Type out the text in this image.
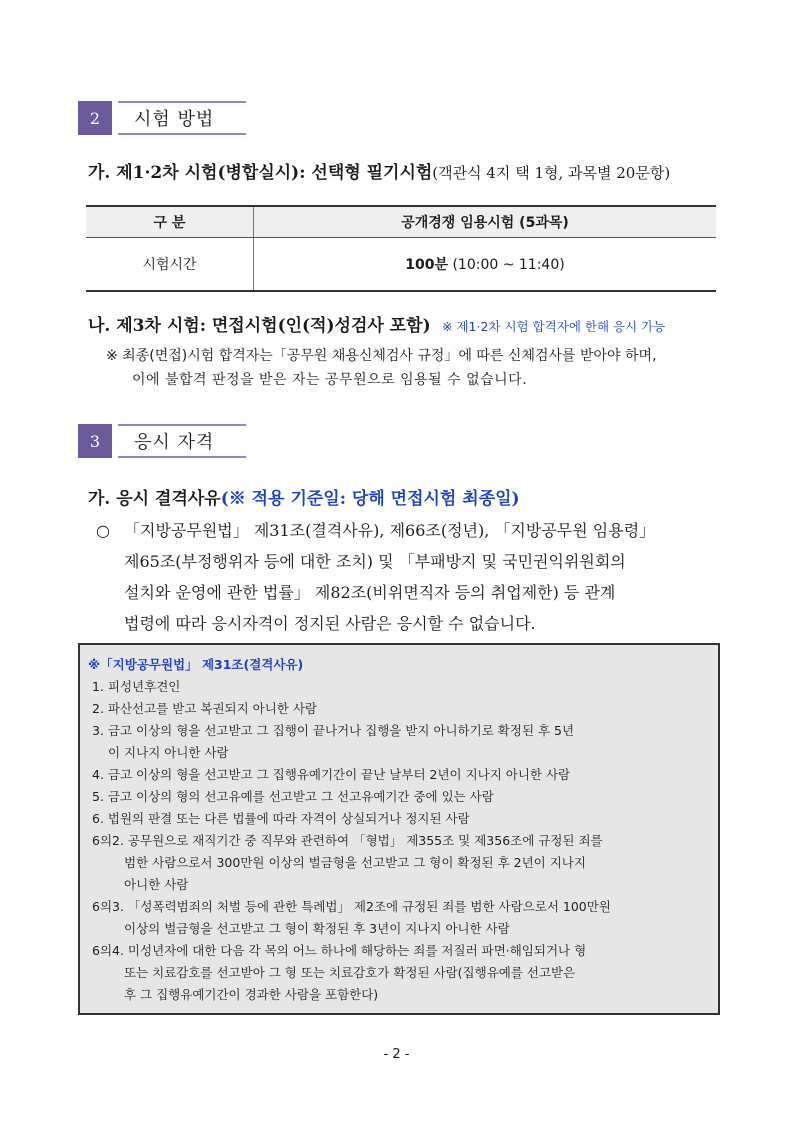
2	시험 방법
가. 제1·2차 시험(병합실시): 선택형 필기시험(객관식 4지 택 1형, 과목별 20문항)
구 분	공개경쟁 임용시험 (5과목)
시험시간	100분 (10:00 ~ 11:40)
나. 제3차 시험: 면접시험(인(적)성검사 포함) ※ 제1·2차 시험 합격자에 한해 응시 가능
※ 최종(면접)시험 합격자는「공무원 채용신체검사 규정」에 따른 신체검사를 받아야 하며,
이에 불합격 판정을 받은 자는 공무원으로 임용될 수 없습니다.
3	응시 자격
가. 응시 결격사유(※ 적용 기준일: 당해 면접시험 최종일)
○ 「지방공무원법」 제31조(결격사유), 제66조(정년), 「지방공무원 임용령」
제65조(부정행위자 등에 대한 조치) 및 「부패방지 및 국민권익위원회의
설치와 운영에 관한 법률」 제82조(비위면직자 등의 취업제한) 등 관계
법령에 따라 응시자격이 정지된 사람은 응시할 수 없습니다.
※「지방공무원법」 제31조(결격사유)
1. 피성년후견인
2. 파산선고를 받고 복권되지 아니한 사람
3. 금고 이상의 형을 선고받고 그 집행이 끝나거나 집행을 받지 아니하기로 확정된 후 5년
이 지나지 아니한 사람
4. 금고 이상의 형을 선고받고 그 집행유예기간이 끝난 날부터 2년이 지나지 아니한 사람
5. 금고 이상의 형의 선고유예를 선고받고 그 선고유예기간 중에 있는 사람
6. 법원의 판결 또는 다른 법률에 따라 자격이 상실되거나 정지된 사람
6의2. 공무원으로 재직기간 중 직무와 관련하여 「형법」 제355조 및 제356조에 규정된 죄를
범한 사람으로서 300만원 이상의 벌금형을 선고받고 그 형이 확정된 후 2년이 지나지
아니한 사람
6의3. 「성폭력범죄의 처벌 등에 관한 특례법」 제2조에 규정된 죄를 범한 사람으로서 100만원
이상의 벌금형을 선고받고 그 형이 확정된 후 3년이 지나지 아니한 사람
6의4. 미성년자에 대한 다음 각 목의 어느 하나에 해당하는 죄를 저질러 파면·해임되거나 형
또는 치료감호를 선고받아 그 형 또는 치료감호가 확정된 사람(집행유예를 선고받은
후 그 집행유예기간이 경과한 사람을 포함한다)
- 2 -
